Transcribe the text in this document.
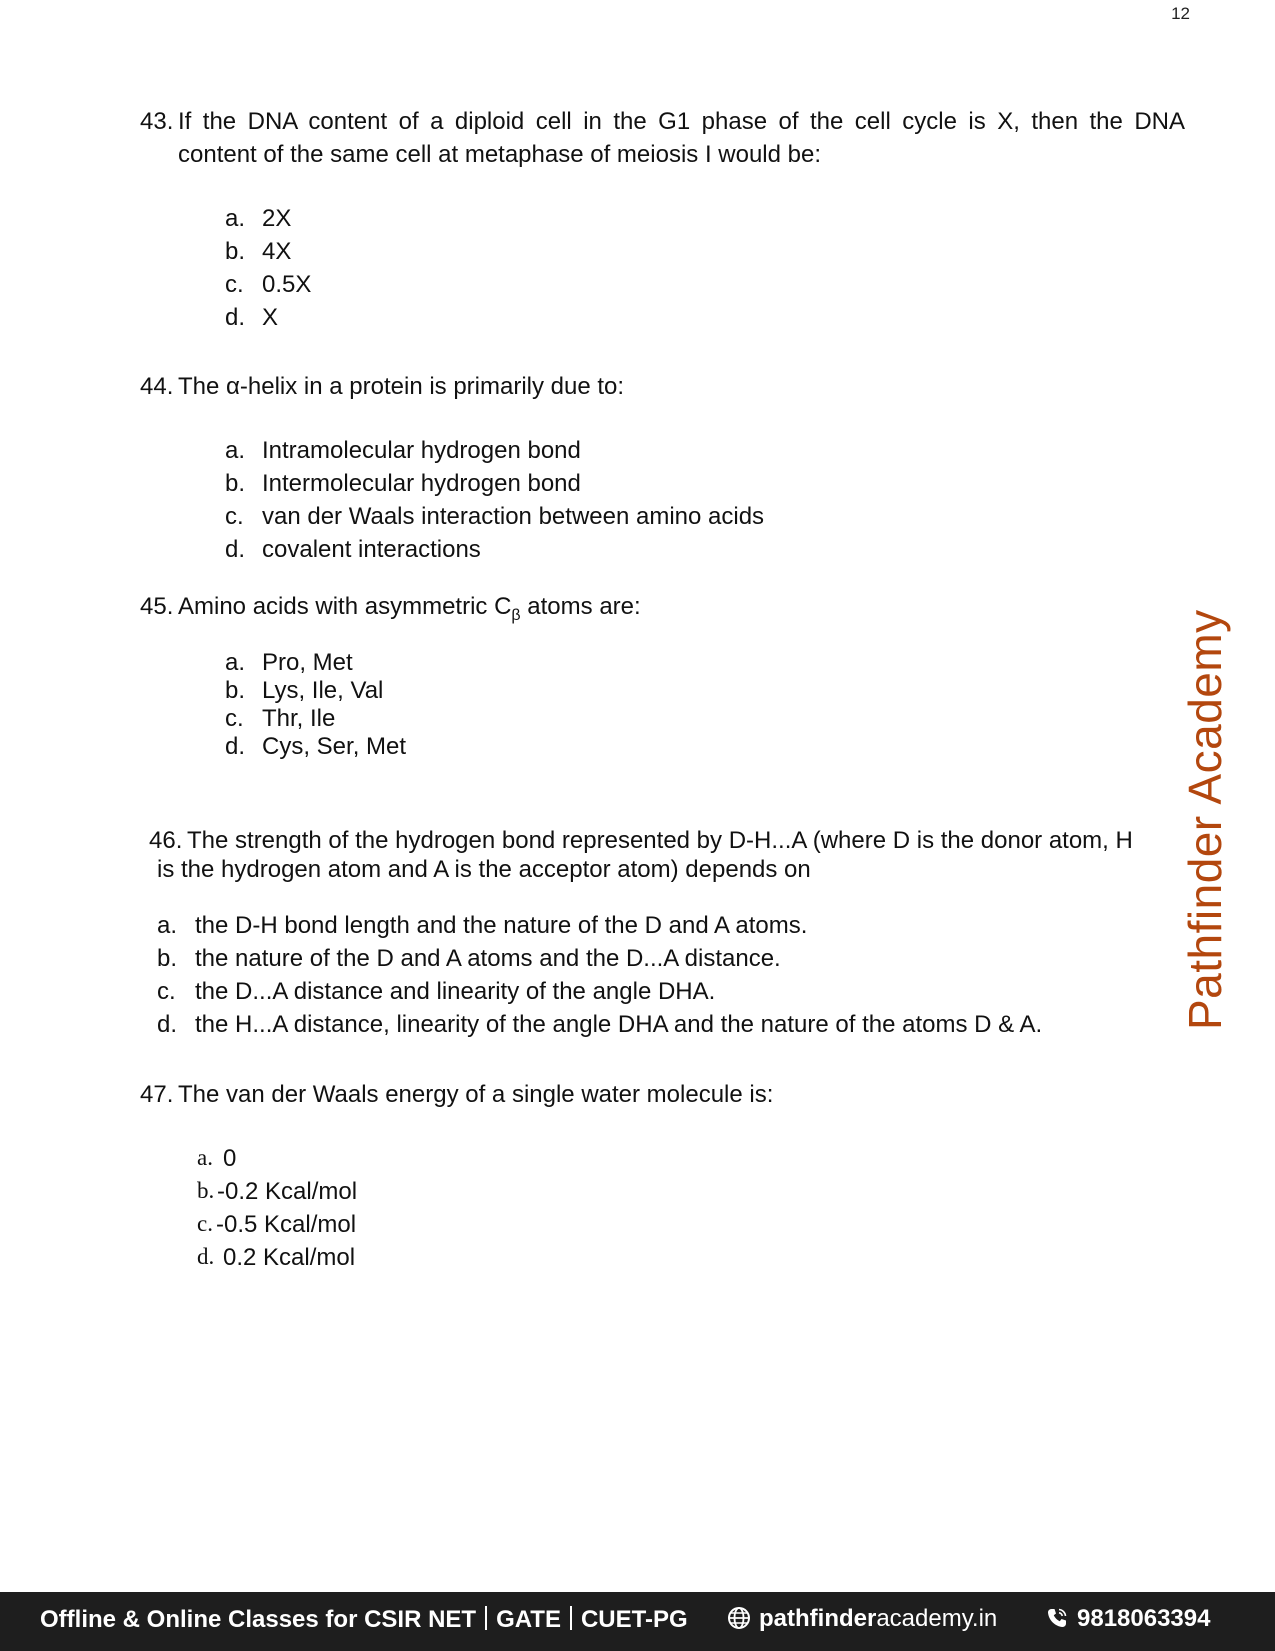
12
43. If the DNA content of a diploid cell in the G1 phase of the cell cycle is X, then the DNA
content of the same cell at metaphase of meiosis I would be:
a. 2X
b. 4X
c. 0.5X
d. X
44. The α-helix in a protein is primarily due to:
a. Intramolecular hydrogen bond
b. Intermolecular hydrogen bond
c. van der Waals interaction between amino acids
d. covalent interactions
45. Amino acids with asymmetric $C_\beta$ atoms are:
a. Pro, Met
b. Lys, Ile, Val
c. Thr, Ile
d. Cys, Ser, Met
46. The strength of the hydrogen bond represented by D-H...A (where D is the donor atom, H
is the hydrogen atom and A is the acceptor atom) depends on
a. the D-H bond length and the nature of the D and A atoms.
b. the nature of the D and A atoms and the D...A distance.
c. the D...A distance and linearity of the angle DHA.
d. the H...A distance, linearity of the angle DHA and the nature of the atoms D & A.
47. The van der Waals energy of a single water molecule is:
a. 0
b. -0.2 Kcal/mol
c. -0.5 Kcal/mol
d. 0.2 Kcal/mol
Pathfinder Academy
Offline & Online Classes for CSIR NET GATE CUET-PG	pathfinderacademy.in	9818063394
